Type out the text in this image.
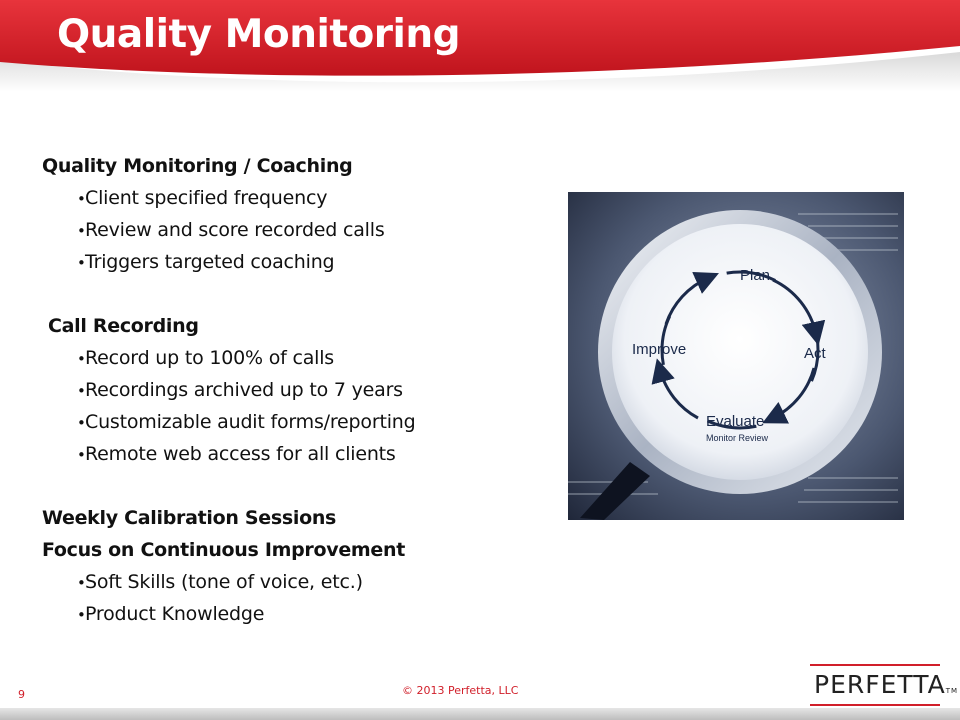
Quality Monitoring
Quality Monitoring / Coaching
•Client specified frequency
•Review and score recorded calls
•Triggers targeted coaching
Call Recording
•Record up to 100% of calls
•Recordings archived up to 7 years
•Customizable audit forms/reporting
•Remote web access for all clients
Weekly Calibration Sessions
Focus on Continuous Improvement
•Soft Skills (tone of voice, etc.)
•Product Knowledge
Plan
Act
Evaluate
Monitor Review
Improve
9	© 2013 Perfetta, LLC	PERFETTATM
